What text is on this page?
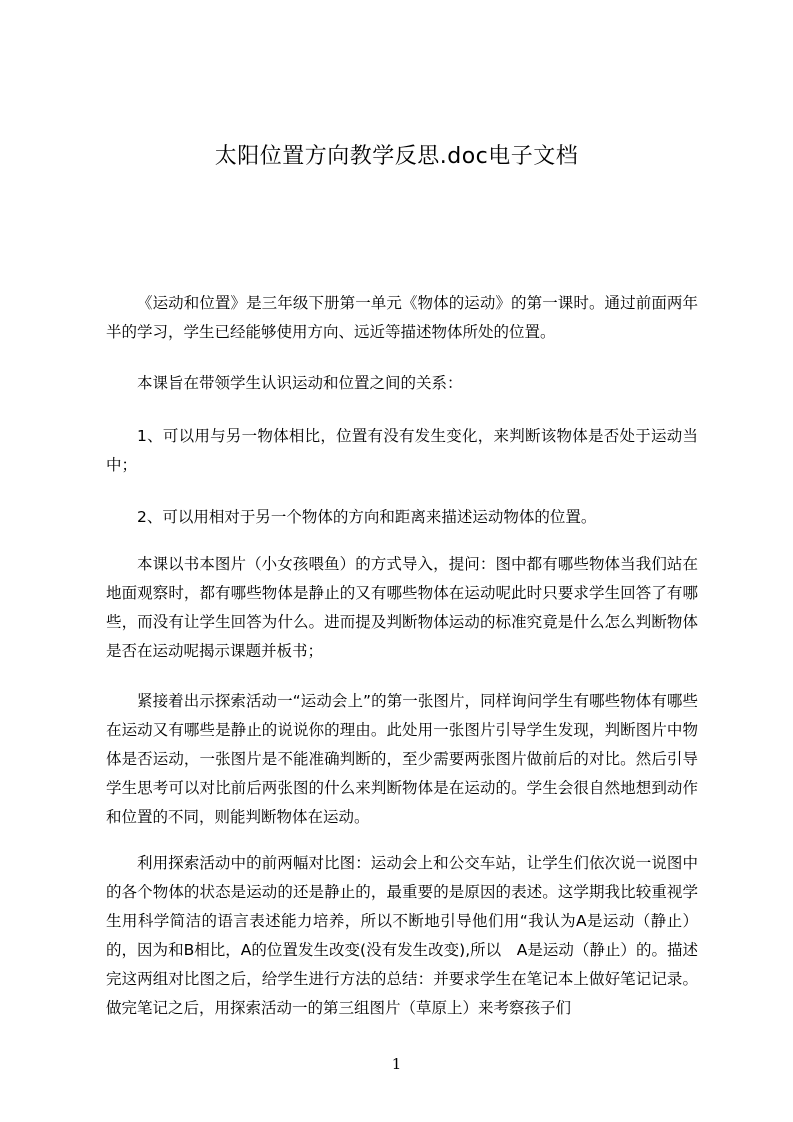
太阳位置方向教学反思.doc电子文档

《运动和位置》是三年级下册第一单元《物体的运动》的第一课时。通过前面两年半的学习，学生已经能够使用方向、远近等描述物体所处的位置。

本课旨在带领学生认识运动和位置之间的关系：

1、可以用与另一物体相比，位置有没有发生变化，来判断该物体是否处于运动当中；

2、可以用相对于另一个物体的方向和距离来描述运动物体的位置。

本课以书本图片（小女孩喂鱼）的方式导入，提问：图中都有哪些物体当我们站在地面观察时，都有哪些物体是静止的又有哪些物体在运动呢此时只要求学生回答了有哪些，而没有让学生回答为什么。进而提及判断物体运动的标准究竟是什么怎么判断物体是否在运动呢揭示课题并板书；

紧接着出示探索活动一“运动会上”的第一张图片，同样询问学生有哪些物体有哪些在运动又有哪些是静止的说说你的理由。此处用一张图片引导学生发现，判断图片中物体是否运动，一张图片是不能准确判断的，至少需要两张图片做前后的对比。然后引导学生思考可以对比前后两张图的什么来判断物体是在运动的。学生会很自然地想到动作和位置的不同，则能判断物体在运动。

利用探索活动中的前两幅对比图：运动会上和公交车站，让学生们依次说一说图中的各个物体的状态是运动的还是静止的，最重要的是原因的表述。这学期我比较重视学生用科学简洁的语言表述能力培养，所以不断地引导他们用“我认为A是运动（静止）的，因为和B相比，A的位置发生改变(没有发生改变),所以　A是运动（静止）的。描述完这两组对比图之后，给学生进行方法的总结：并要求学生在笔记本上做好笔记记录。做完笔记之后，用探索活动一的第三组图片（草原上）来考察孩子们

1
